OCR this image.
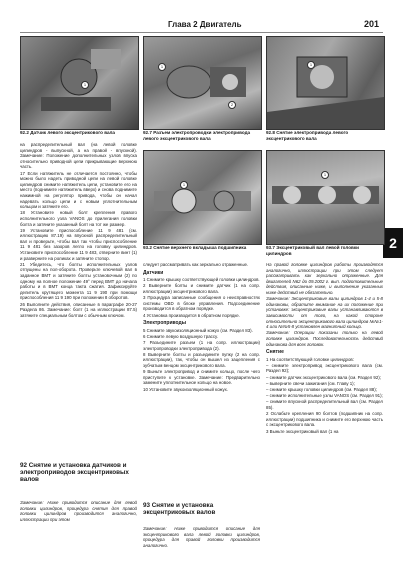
Глава 2 Двигатель	201
2
1
92.2 Датчик левого эксцентрикового вала
1
2
92.7 Разъем электропроводки электропривода левого эксцентрикового вала
1
92.8 Снятие электропривода левого эксцентрикового вала
1
93.2 Снятие верхнего вкладыша подшипника
1
93.7 Эксцентриковый вал левой головки цилиндров

на распределительный вал (на левой головке цилиндров - выпускной, а на правой - впускной). Замечание: Положение дополнительных узлов впуска относительно приводной цепи прикрывающие верхнюю часть.

17 Если натяжитель не отличается постоянно, чтобы можно было надеть приводной цепи на левой головке цилиндров снимите натяжитель цепи, установите его на место (поднимите натяжитель вверх) и снова поднимите нажимной на регулятор привода, чтобы он начал надевать кольцо цепи и с новым уплотнительным кольцом и затяните его.

18 Установите новый болт крепления правого исполнительного узла VANOS до прилегания головки болта и затяните указанный болт на тот же размер.

19 Установите приспособление 11 9 481 (см. иллюстрацию 87.19) на впускной распределительный вал и проверьте, чтобы вал так чтобы приспособление 11 9 481 без зазоров легло на головку цилиндров. Установите приспособление 11 9 483, отверните винт (1) и разверните на роликах и затяните стопор.

21 Убедитесь, что болты исполнительных узлов отпущены на пол-оборота. Проверьте ключевой вал в заданное ВМТ и затяните болты установочным (2) по одному на полное положение 49° перед ВМТ до начала работы и в ВМТ конца такта сжатия. Зафиксируйте делитель крутящего момента 11 9 190 при помощи приспособления 11 9 190 при положении 8 оборотов.

26 Выполните действия, описанные в параграфе 20-27 Раздела 86. Замечание: болт (1 на иллюстрации 87.5) затяните специальным болтом с обычным ключом.

92 Снятие и установка датчиков и электроприводов эксцентриковых валов

Замечание: Ниже приводится описание для левой головки цилиндров, процедура снятия для правой головки цилиндров производится аналогично, иллюстрации при этом

следует рассматривать как зеркально отраженные.

Датчики

1 Снимите крышку соответствующей головки цилиндров.

2 Выверните болты и снимите датчик (1 на сопр. иллюстрации) эксцентрикового вала.

3 Процедура записанные сообщения о неисправностях системы OBD в блоке управления. Подсоединение производится в обратном порядке.

4 Установка производится в обратном порядке.

Электроприводы

5 Снимите звукоизоляционный кожух (см. Раздел 83).

6 Снимите левую воздушную трассу.

7 Разъедините разъем (1 на сопр. иллюстрации) электропроводки электропривода (2).

8 Выверните болты и разъедините пупку (2 на сопр. иллюстрации), так, чтобы он вышел из зацепления с зубчатым венцом эксцентрикового вала.

9 Выньте электропривод и снимите кольцо, после чего приступите к установке. Замечание: Предварительно замените уплотнительное кольцо на новое.

10 Установите звукоизоляционный кожух.

93 Снятие и установка эксцентриковых валов

Замечание: Ниже приводится описание для эксцентрикового вала левой головки цилиндров, процедура для правой головки производится аналогично.

На правой головке цилиндров работы производятся аналогично, иллюстрации при этом следует рассматривать как зеркально отраженные. Для двигателей N62 до 09.2002 г. вып. подготовительные действия, описанные ниже, и выполнение указанных ниже действий не обязательно.

Замечание: Эксцентриковые валы цилиндров 1-4 и 5-8 одинаковы, обратите внимание на их положение при установке: эксцентриковые валы устанавливаются в зависимости от того, на какой стороне относительно эксцентрикового вала цилиндров №№1-4 или №№5-8 установлен магнитный кольцо.

Замечание: Операции показаны только на левой головке цилиндров. Последовательность действий одинакова для всех головок.

Снятие

1 На соответствующей головке цилиндров:

– снимите электропривод эксцентрикового вала (см. Раздел 92);

– снимите датчик эксцентрикового вала (см. Раздел 92);

– выверните свечи зажигания (см. Главу 1);

– снимите крышку головки цилиндров (см. Раздел 88);

– снимите исполнительные узлы VANOS (см. Раздел 91);

– снимите впускной распределительный вал (см. Раздел 85).

2 Ослабьте крепления 90 болтов (подшипник на сопр. иллюстрации) подшипника и снимите его верхнюю часть с эксцентрикового вала.

3 Выньте эксцентриковый вал (1 на
